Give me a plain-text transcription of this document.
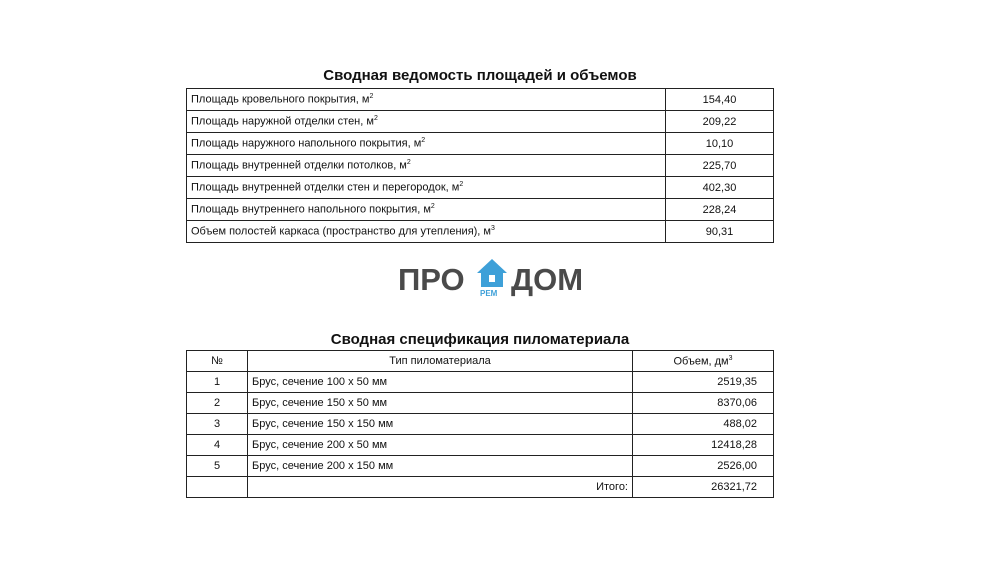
Сводная ведомость площадей и объемов
Площадь кровельного покрытия, $м^2$	154,40
Площадь наружной отделки стен, $м^2$	209,22
Площадь наружного напольного покрытия, $м^2$	10,10
Площадь внутренней отделки потолков, $м^2$	225,70
Площадь внутренней отделки стен и перегородок, $м^2$	402,30
Площадь внутреннего напольного покрытия, $м^2$	228,24
Объем полостей каркаса (пространство для утепления), $м^3$	90,31
ПРО РЕМ ДОМ
Сводная спецификация пиломатериала
№	Тип пиломатериала	Объем, $дм^3$
1	Брус, сечение 100 х 50 мм	2519,35
2	Брус, сечение 150 х 50 мм	8370,06
3	Брус, сечение 150 х 150 мм	488,02
4	Брус, сечение 200 х 50 мм	12418,28
5	Брус, сечение 200 х 150 мм	2526,00
	Итого:	26321,72
